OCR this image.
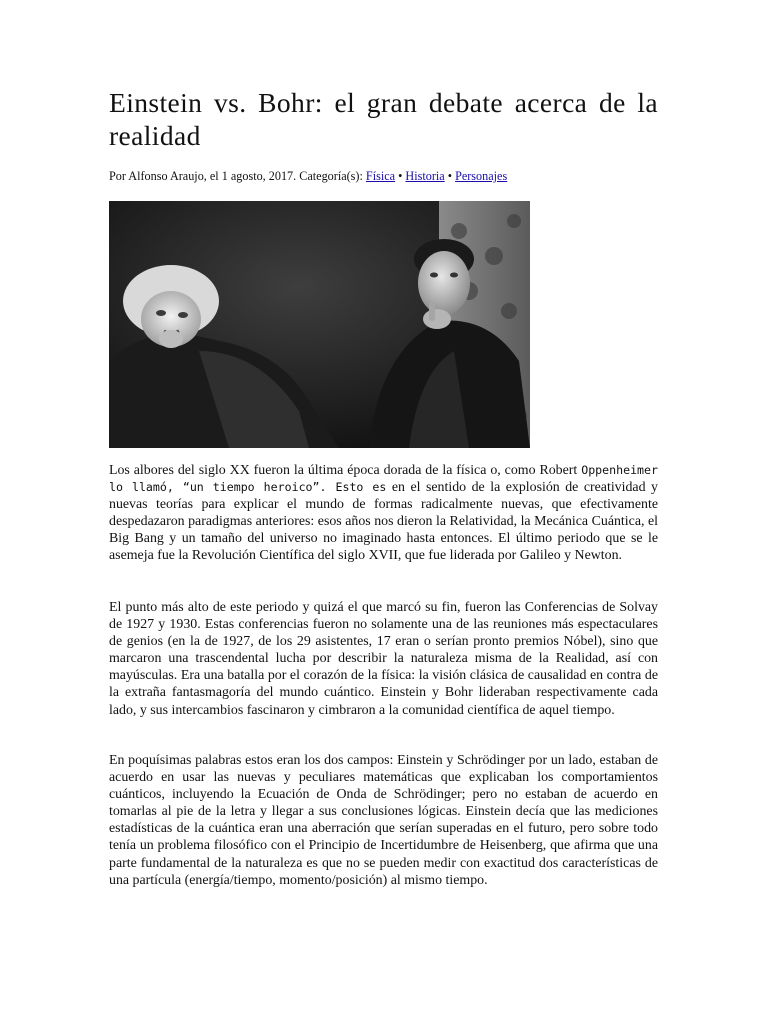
Einstein vs. Bohr: el gran debate acerca de la realidad
Por Alfonso Araujo, el 1 agosto, 2017. Categoría(s): Física • Historia • Personajes

Los albores del siglo XX fueron la última época dorada de la física o, como Robert Oppenheimer lo llamó, “un tiempo heroico”. Esto es en el sentido de la explosión de creatividad y nuevas teorías para explicar el mundo de formas radicalmente nuevas, que efectivamente despedazaron paradigmas anteriores: esos años nos dieron la Relatividad, la Mecánica Cuántica, el Big Bang y un tamaño del universo no imaginado hasta entonces. El último periodo que se le asemeja fue la Revolución Científica del siglo XVII, que fue liderada por Galileo y Newton.

El punto más alto de este periodo y quizá el que marcó su fin, fueron las Conferencias de Solvay de 1927 y 1930. Estas conferencias fueron no solamente una de las reuniones más espectaculares de genios (en la de 1927, de los 29 asistentes, 17 eran o serían pronto premios Nóbel), sino que marcaron una trascendental lucha por describir la naturaleza misma de la Realidad, así con mayúsculas. Era una batalla por el corazón de la física: la visión clásica de causalidad en contra de la extraña fantasmagoría del mundo cuántico. Einstein y Bohr lideraban respectivamente cada lado, y sus intercambios fascinaron y cimbraron a la comunidad científica de aquel tiempo.

En poquísimas palabras estos eran los dos campos: Einstein y Schrödinger por un lado, estaban de acuerdo en usar las nuevas y peculiares matemáticas que explicaban los comportamientos cuánticos, incluyendo la Ecuación de Onda de Schrödinger; pero no estaban de acuerdo en tomarlas al pie de la letra y llegar a sus conclusiones lógicas. Einstein decía que las mediciones estadísticas de la cuántica eran una aberración que serían superadas en el futuro, pero sobre todo tenía un problema filosófico con el Principio de Incertidumbre de Heisenberg, que afirma que una parte fundamental de la naturaleza es que no se pueden medir con exactitud dos características de una partícula (energía/tiempo, momento/posición) al mismo tiempo.
